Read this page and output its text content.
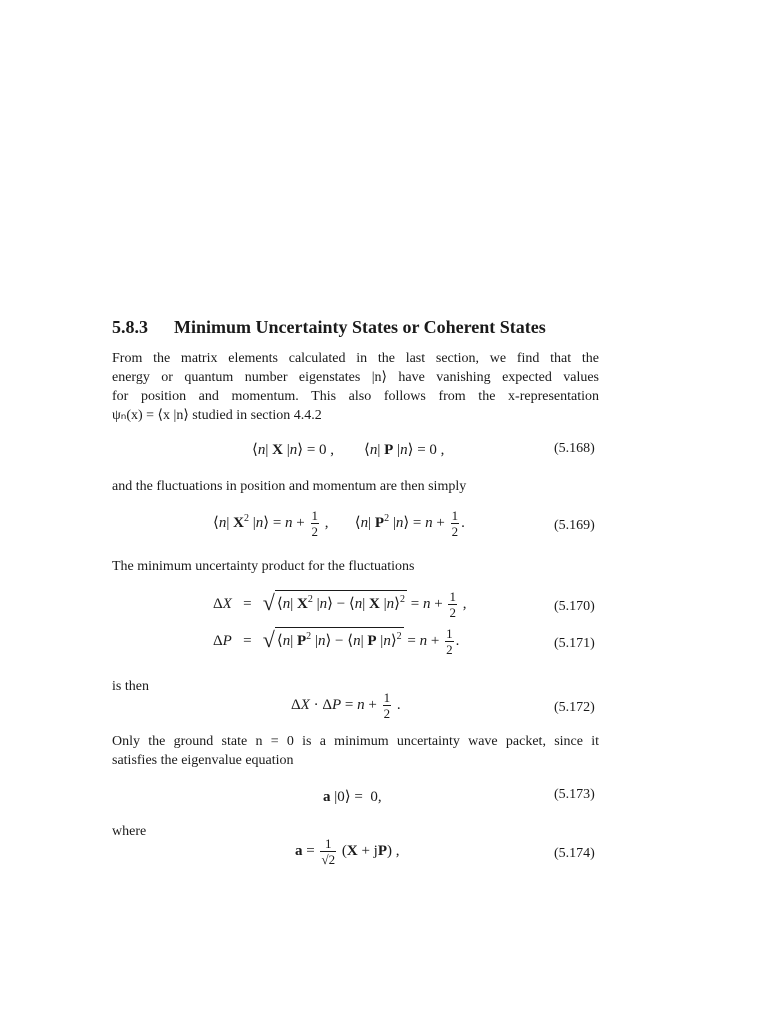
5.8.3 Minimum Uncertainty States or Coherent States
From the matrix elements calculated in the last section, we find that the
energy or quantum number eigenstates |n⟩ have vanishing expected values
for position and momentum. This also follows from the x-representation
ψₙ(x) = ⟨x |n⟩ studied in section 4.4.2
⟨n| X |n⟩ = 0 ,        ⟨n| P |n⟩ = 0 ,	(5.168)
and the fluctuations in position and momentum are then simply
⟨n| $X^2$ |n⟩ = $n + \frac{1}{2}$ ,       ⟨n| $P^2$ |n⟩ = $n + \frac{1}{2}$ .	(5.169)
The minimum uncertainty product for the fluctuations
ΔX   =   √ ⟨n| $X^2$ |n⟩ − ⟨n| X |n⟩$^2$ = $n + \frac{1}{2}$ ,	(5.170)
ΔP   =   √ ⟨n| $P^2$ |n⟩ − ⟨n| P |n⟩$^2$ = $n + \frac{1}{2}$ .	(5.171)
is then
$\Delta X \cdot \Delta P = n + \frac{1}{2}$ .	(5.172)
Only the ground state n = 0 is a minimum uncertainty wave packet, since it
satisfies the eigenvalue equation
a |0⟩ =  0,	(5.173)
where
$a = \frac{1}{√2} (X + jP)$ ,	(5.174)
